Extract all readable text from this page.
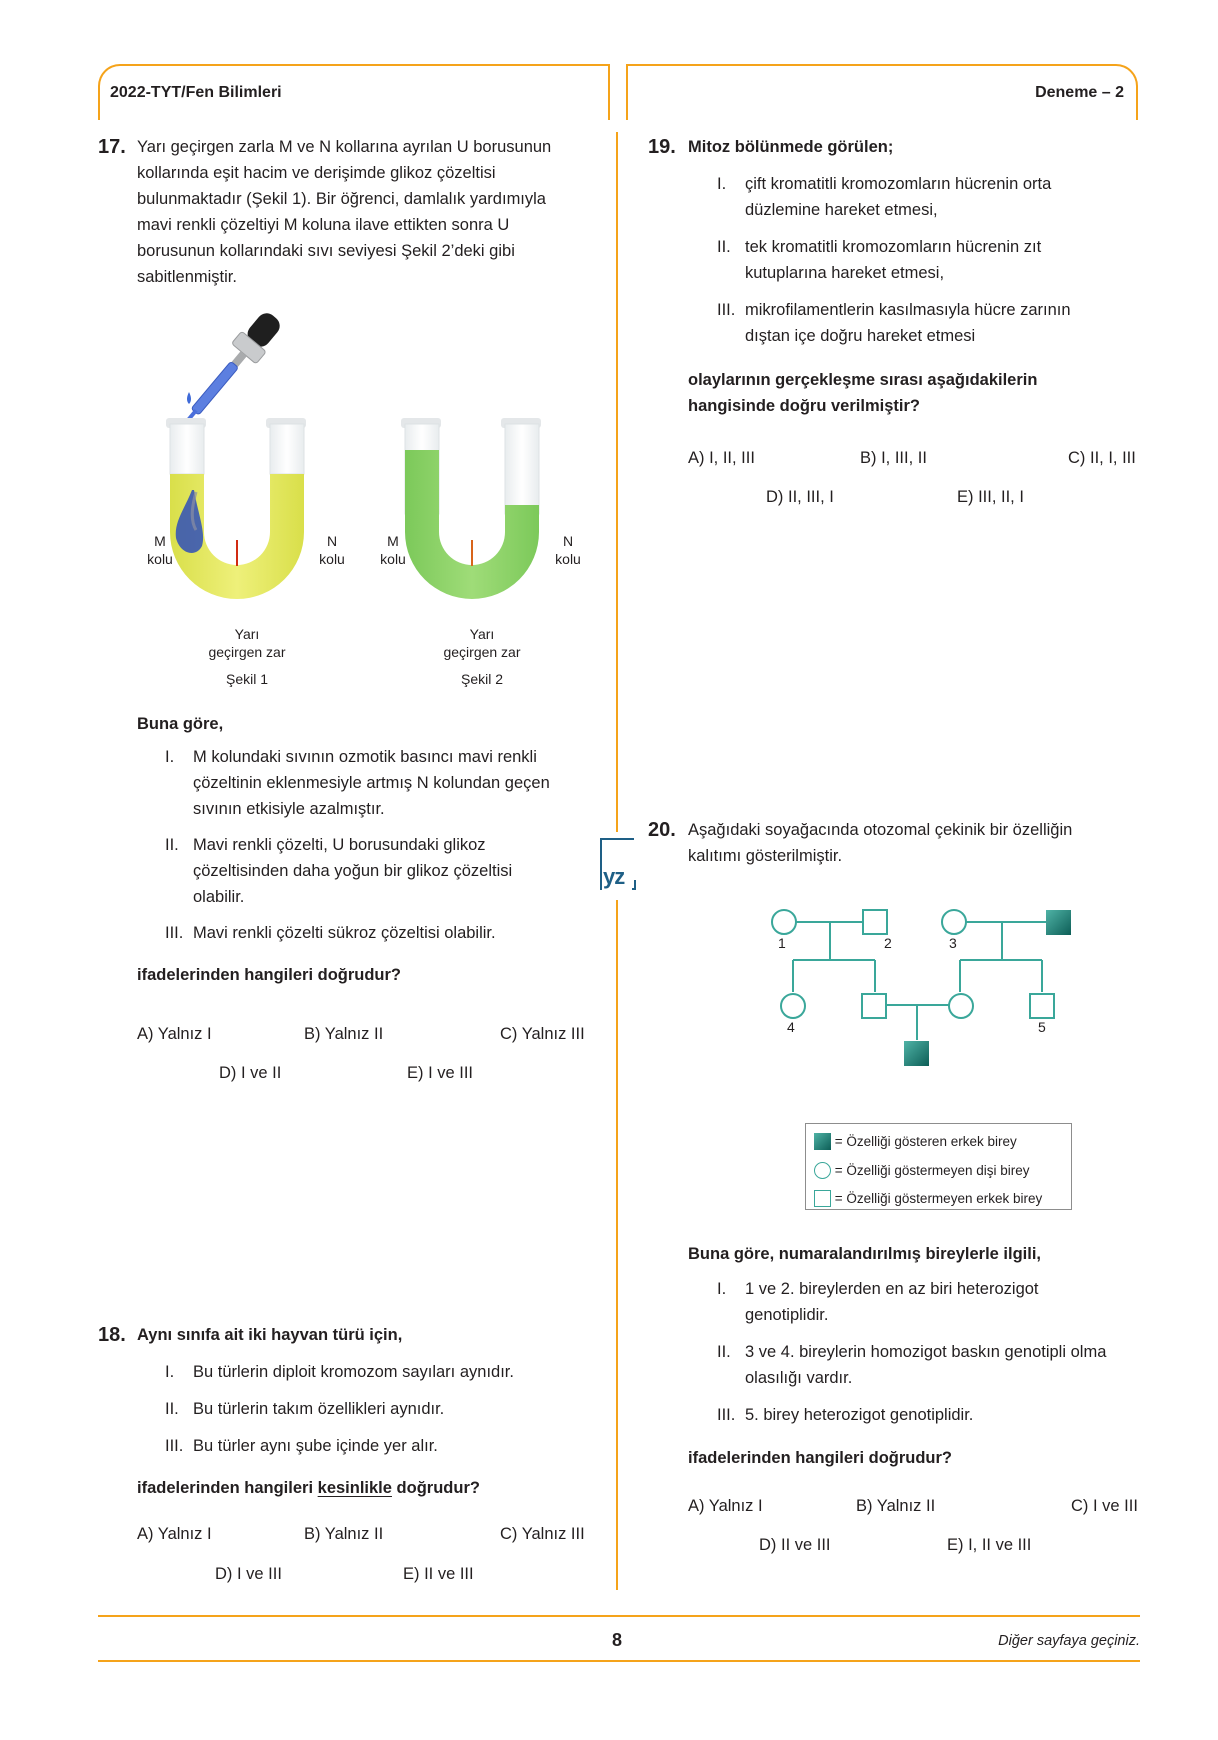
2022-TYT/Fen Bilimleri	Deneme – 2
yz
17. Yarı geçirgen zarla M ve N kollarına ayrılan U borusunun
kollarında eşit hacim ve derişimde glikoz çözeltisi
bulunmaktadır (Şekil 1). Bir öğrenci, damlalık yardımıyla
mavi renkli çözeltiyi M koluna ilave ettikten sonra U
borusunun kollarındaki sıvı seviyesi Şekil 2’deki gibi
sabitlenmiştir.
M
kolu
N
kolu
M
kolu
N
kolu
Yarı
geçirgen zar
Yarı
geçirgen zar
Şekil 1	Şekil 2
Buna göre,
I. M kolundaki sıvının ozmotik basıncı mavi renkli
çözeltinin eklenmesiyle artmış N kolundan geçen
sıvının etkisiyle azalmıştır.
II. Mavi renkli çözelti, U borusundaki glikoz
çözeltisinden daha yoğun bir glikoz çözeltisi
olabilir.
III. Mavi renkli çözelti sükroz çözeltisi olabilir.
ifadelerinden hangileri doğrudur?
A) Yalnız I	B) Yalnız II	C) Yalnız III
D) I ve II	E) I ve III
18. Aynı sınıfa ait iki hayvan türü için,
I. Bu türlerin diploit kromozom sayıları aynıdır.
II. Bu türlerin takım özellikleri aynıdır.
III. Bu türler aynı şube içinde yer alır.
ifadelerinden hangileri kesinlikle doğrudur?
A) Yalnız I	B) Yalnız II	C) Yalnız III
D) I ve III	E) II ve III
19. Mitoz bölünmede görülen;
I. çift kromatitli kromozomların hücrenin orta
düzlemine hareket etmesi,
II. tek kromatitli kromozomların hücrenin zıt
kutuplarına hareket etmesi,
III. mikrofilamentlerin kasılmasıyla hücre zarının
dıştan içe doğru hareket etmesi
olaylarının gerçekleşme sırası aşağıdakilerin
hangisinde doğru verilmiştir?
A) I, II, III	B) I, III, II	C) II, I, III
D) II, III, I	E) III, II, I
20. Aşağıdaki soyağacında otozomal çekinik bir özelliğin
kalıtımı gösterilmiştir.
1	2	3
4	5
= Özelliği gösteren erkek birey
= Özelliği göstermeyen dişi birey
= Özelliği göstermeyen erkek birey
Buna göre, numaralandırılmış bireylerle ilgili,
I. 1 ve 2. bireylerden en az biri heterozigot
genotiplidir.
II. 3 ve 4. bireylerin homozigot baskın genotipli olma
olasılığı vardır.
III. 5. birey heterozigot genotiplidir.
ifadelerinden hangileri doğrudur?
A) Yalnız I	B) Yalnız II	C) I ve III
D) II ve III	E) I, II ve III
8	Diğer sayfaya geçiniz.
